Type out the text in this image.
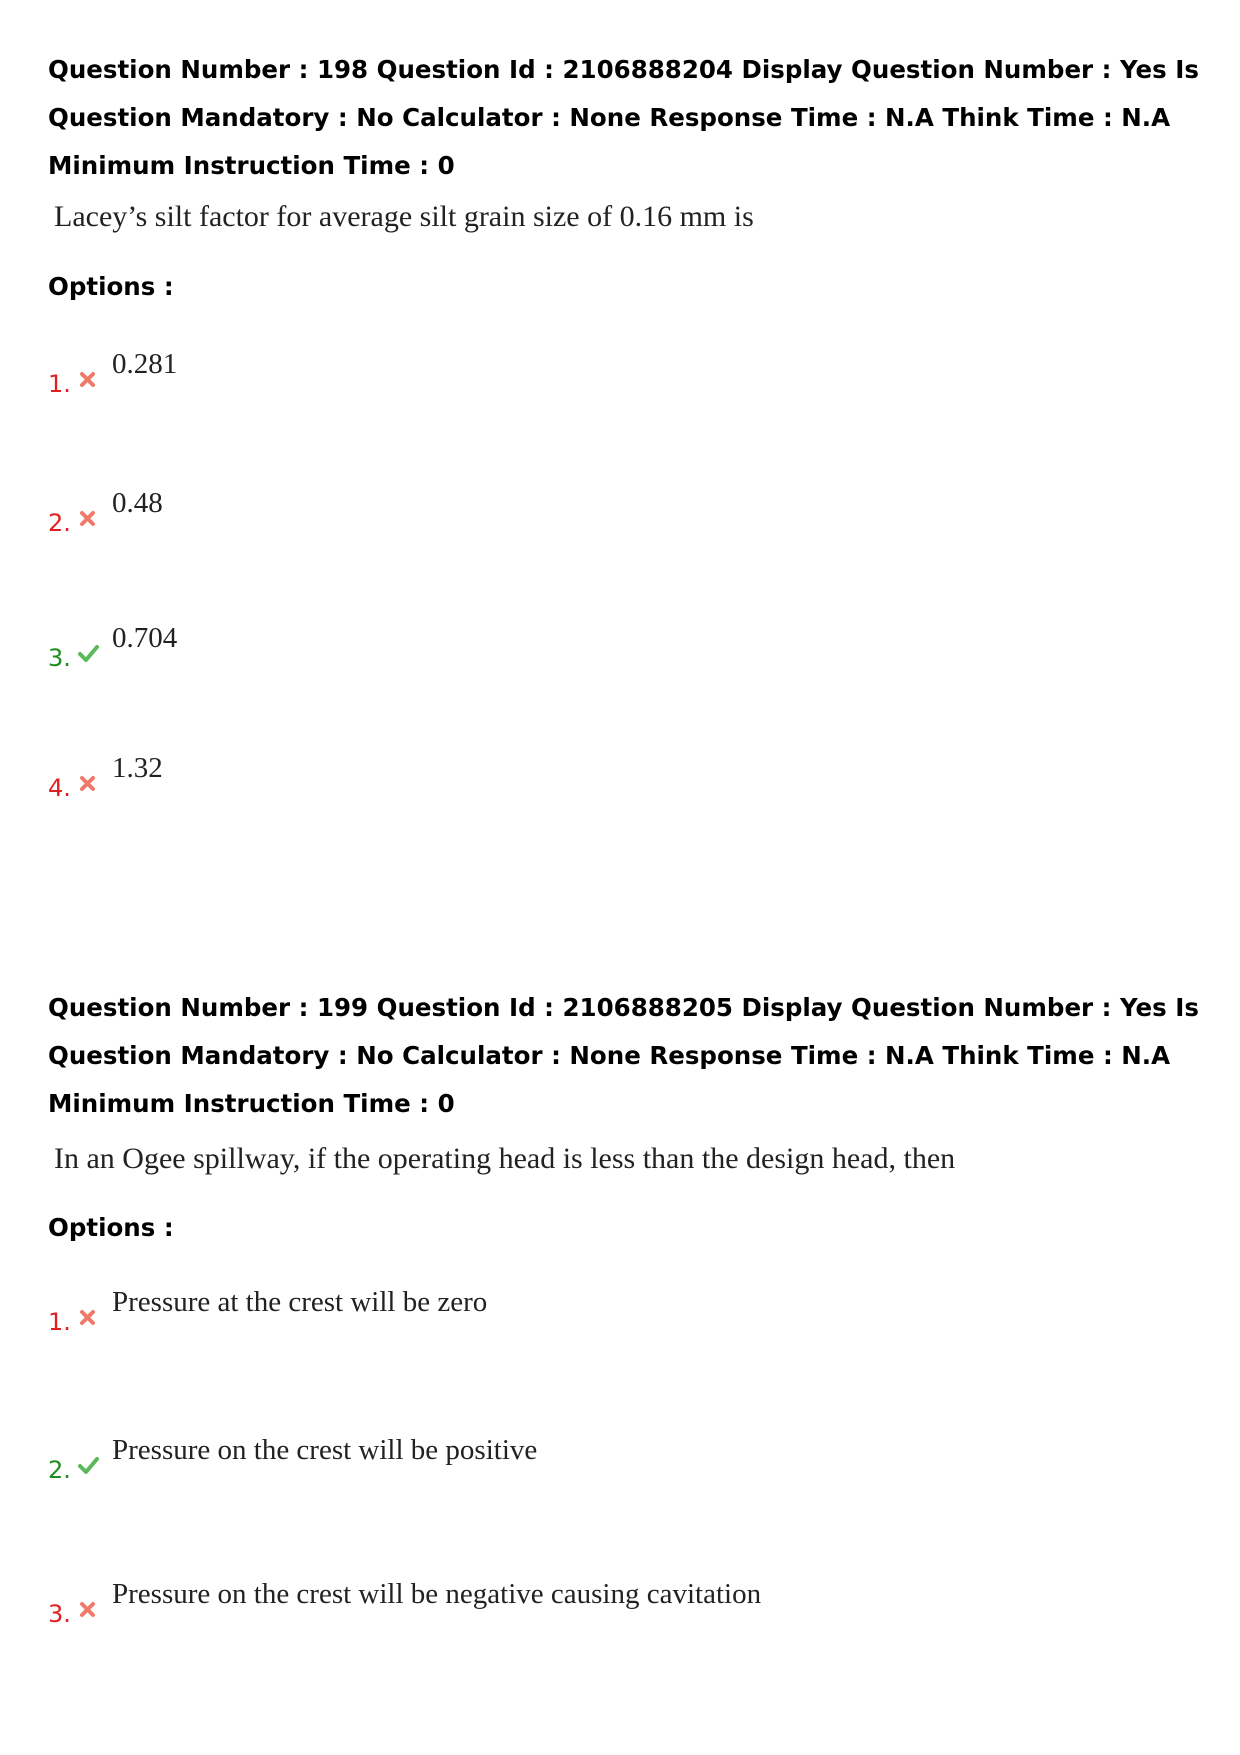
Question Number : 198 Question Id : 2106888204 Display Question Number : Yes Is Question Mandatory : No Calculator : None Response Time : N.A Think Time : N.A Minimum Instruction Time : 0

Lacey’s silt factor for average silt grain size of 0.16 mm is
Options :
1.
0.281
2.
0.48
3.
0.704
4.
1.32

Question Number : 199 Question Id : 2106888205 Display Question Number : Yes Is Question Mandatory : No Calculator : None Response Time : N.A Think Time : N.A Minimum Instruction Time : 0

In an Ogee spillway, if the operating head is less than the design head, then
Options :
1.
Pressure at the crest will be zero
2.
Pressure on the crest will be positive
3.
Pressure on the crest will be negative causing cavitation
